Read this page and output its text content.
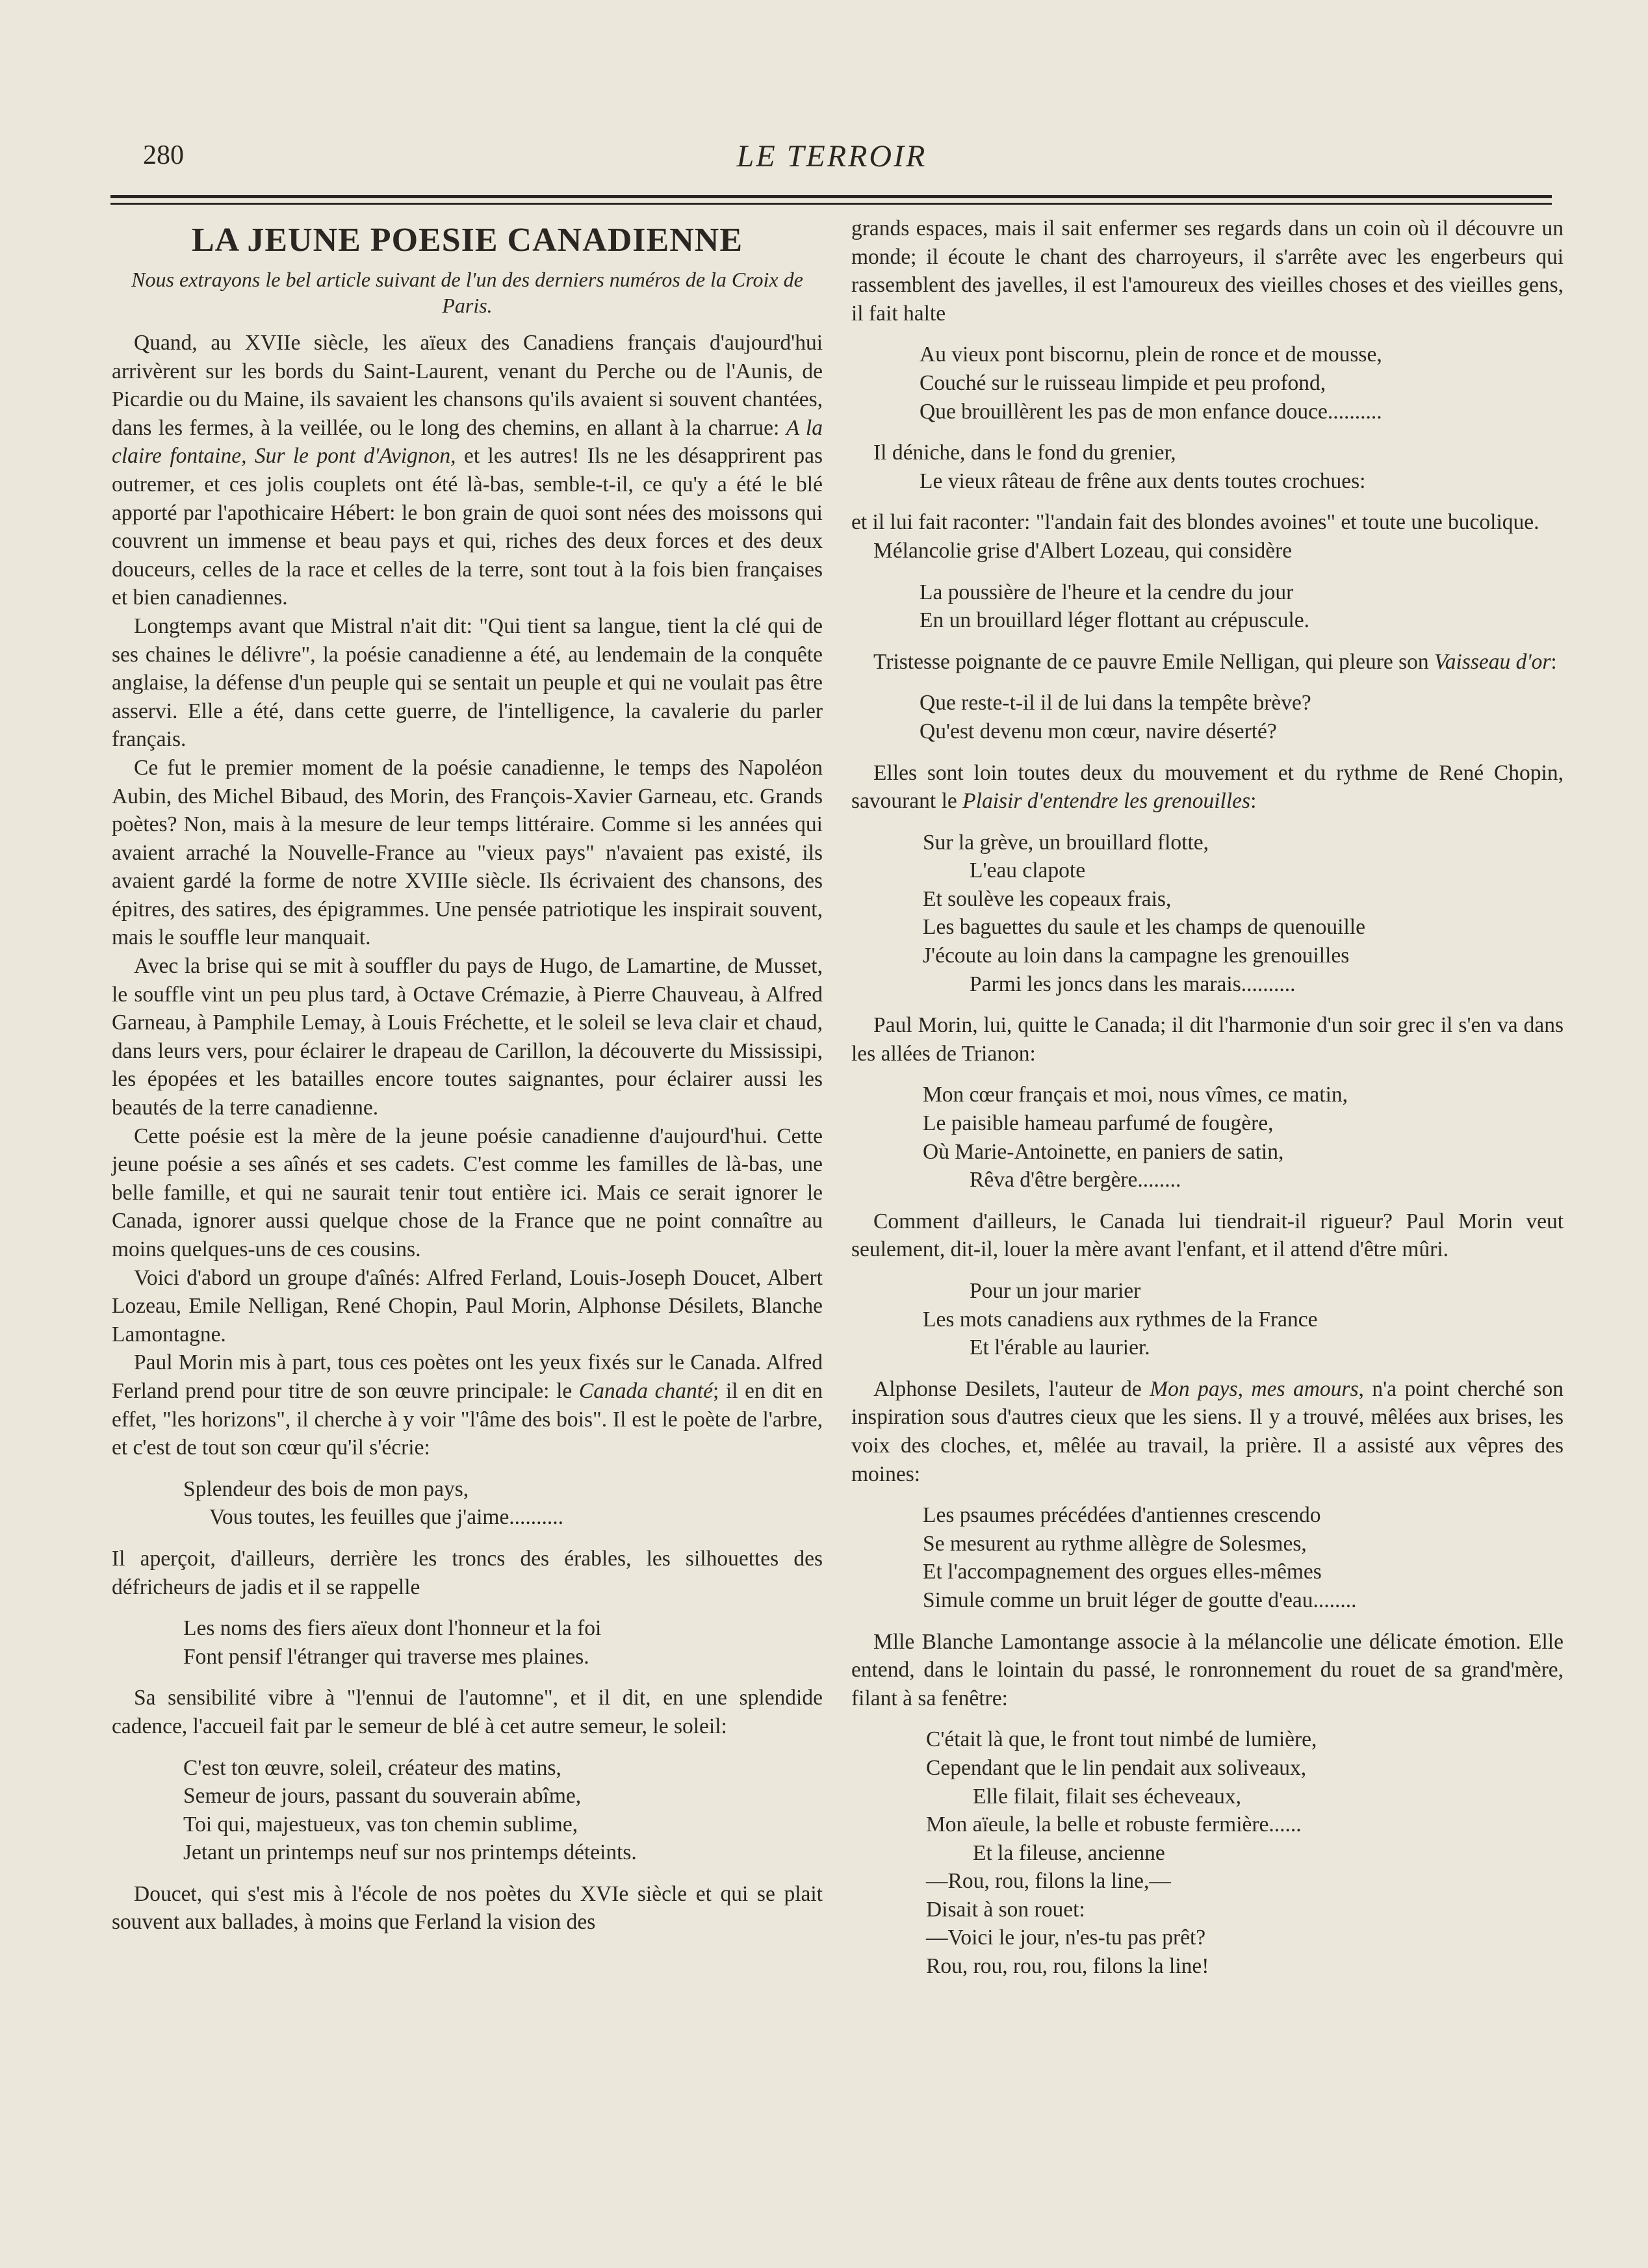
280	LE TERROIR
LA JEUNE POESIE CANADIENNE
Nous extrayons le bel article suivant de l'un des derniers numéros de la Croix de Paris.

Quand, au XVIIe siècle, les aïeux des Canadiens français d'aujourd'hui arrivèrent sur les bords du Saint-Laurent, venant du Perche ou de l'Aunis, de Picardie ou du Maine, ils savaient les chansons qu'ils avaient si souvent chantées, dans les fermes, à la veillée, ou le long des chemins, en allant à la charrue: A la claire fontaine, Sur le pont d'Avignon, et les autres! Ils ne les désapprirent pas outremer, et ces jolis couplets ont été là-bas, semble-t-il, ce qu'y a été le blé apporté par l'apothicaire Hébert: le bon grain de quoi sont nées des moissons qui couvrent un immense et beau pays et qui, riches des deux forces et des deux douceurs, celles de la race et celles de la terre, sont tout à la fois bien françaises et bien canadiennes.

Longtemps avant que Mistral n'ait dit: "Qui tient sa langue, tient la clé qui de ses chaines le délivre", la poésie canadienne a été, au lendemain de la conquête anglaise, la défense d'un peuple qui se sentait un peuple et qui ne voulait pas être asservi. Elle a été, dans cette guerre, de l'intelligence, la cavalerie du parler français.

Ce fut le premier moment de la poésie canadienne, le temps des Napoléon Aubin, des Michel Bibaud, des Morin, des François-Xavier Garneau, etc. Grands poètes? Non, mais à la mesure de leur temps littéraire. Comme si les années qui avaient arraché la Nouvelle-France au "vieux pays" n'avaient pas existé, ils avaient gardé la forme de notre XVIIIe siècle. Ils écrivaient des chansons, des épitres, des satires, des épigrammes. Une pensée patriotique les inspirait souvent, mais le souffle leur manquait.

Avec la brise qui se mit à souffler du pays de Hugo, de Lamartine, de Musset, le souffle vint un peu plus tard, à Octave Crémazie, à Pierre Chauveau, à Alfred Garneau, à Pamphile Lemay, à Louis Fréchette, et le soleil se leva clair et chaud, dans leurs vers, pour éclairer le drapeau de Carillon, la découverte du Mississipi, les épopées et les batailles encore toutes saignantes, pour éclairer aussi les beautés de la terre canadienne.

Cette poésie est la mère de la jeune poésie canadienne d'aujourd'hui. Cette jeune poésie a ses aînés et ses cadets. C'est comme les familles de là-bas, une belle famille, et qui ne saurait tenir tout entière ici. Mais ce serait ignorer le Canada, ignorer aussi quelque chose de la France que ne point connaître au moins quelques-uns de ces cousins.

Voici d'abord un groupe d'aînés: Alfred Ferland, Louis-Joseph Doucet, Albert Lozeau, Emile Nelligan, René Chopin, Paul Morin, Alphonse Désilets, Blanche Lamontagne.

Paul Morin mis à part, tous ces poètes ont les yeux fixés sur le Canada. Alfred Ferland prend pour titre de son œuvre principale: le Canada chanté; il en dit en effet, "les horizons", il cherche à y voir "l'âme des bois". Il est le poète de l'arbre, et c'est de tout son cœur qu'il s'écrie:

Splendeur des bois de mon pays,
Vous toutes, les feuilles que j'aime..........

Il aperçoit, d'ailleurs, derrière les troncs des érables, les silhouettes des défricheurs de jadis et il se rappelle

Les noms des fiers aïeux dont l'honneur et la foi
Font pensif l'étranger qui traverse mes plaines.

Sa sensibilité vibre à "l'ennui de l'automne", et il dit, en une splendide cadence, l'accueil fait par le semeur de blé à cet autre semeur, le soleil:

C'est ton œuvre, soleil, créateur des matins,
Semeur de jours, passant du souverain abîme,
Toi qui, majestueux, vas ton chemin sublime,
Jetant un printemps neuf sur nos printemps déteints.

Doucet, qui s'est mis à l'école de nos poètes du XVIe siècle et qui se plait souvent aux ballades, à moins que Ferland la vision des

grands espaces, mais il sait enfermer ses regards dans un coin où il découvre un monde; il écoute le chant des charroyeurs, il s'arrête avec les engerbeurs qui rassemblent des javelles, il est l'amoureux des vieilles choses et des vieilles gens, il fait halte

Au vieux pont biscornu, plein de ronce et de mousse,
Couché sur le ruisseau limpide et peu profond,
Que brouillèrent les pas de mon enfance douce..........

Il déniche, dans le fond du grenier,

Le vieux râteau de frêne aux dents toutes crochues:

et il lui fait raconter: "l'andain fait des blondes avoines" et toute une bucolique.

Mélancolie grise d'Albert Lozeau, qui considère

La poussière de l'heure et la cendre du jour
En un brouillard léger flottant au crépuscule.

Tristesse poignante de ce pauvre Emile Nelligan, qui pleure son Vaisseau d'or:

Que reste-t-il il de lui dans la tempête brève?
Qu'est devenu mon cœur, navire déserté?

Elles sont loin toutes deux du mouvement et du rythme de René Chopin, savourant le Plaisir d'entendre les grenouilles:

Sur la grève, un brouillard flotte,
L'eau clapote
Et soulève les copeaux frais,
Les baguettes du saule et les champs de quenouille
J'écoute au loin dans la campagne les grenouilles
Parmi les joncs dans les marais..........

Paul Morin, lui, quitte le Canada; il dit l'harmonie d'un soir grec il s'en va dans les allées de Trianon:

Mon cœur français et moi, nous vîmes, ce matin,
Le paisible hameau parfumé de fougère,
Où Marie-Antoinette, en paniers de satin,
Rêva d'être bergère........

Comment d'ailleurs, le Canada lui tiendrait-il rigueur? Paul Morin veut seulement, dit-il, louer la mère avant l'enfant, et il attend d'être mûri.

Pour un jour marier
Les mots canadiens aux rythmes de la France
Et l'érable au laurier.

Alphonse Desilets, l'auteur de Mon pays, mes amours, n'a point cherché son inspiration sous d'autres cieux que les siens. Il y a trouvé, mêlées aux brises, les voix des cloches, et, mêlée au travail, la prière. Il a assisté aux vêpres des moines:

Les psaumes précédées d'antiennes crescendo
Se mesurent au rythme allègre de Solesmes,
Et l'accompagnement des orgues elles-mêmes
Simule comme un bruit léger de goutte d'eau........

Mlle Blanche Lamontange associe à la mélancolie une délicate émotion. Elle entend, dans le lointain du passé, le ronronnement du rouet de sa grand'mère, filant à sa fenêtre:

C'était là que, le front tout nimbé de lumière,
Cependant que le lin pendait aux soliveaux,
Elle filait, filait ses écheveaux,
Mon aïeule, la belle et robuste fermière......
Et la fileuse, ancienne
—Rou, rou, filons la line,—
Disait à son rouet:
—Voici le jour, n'es-tu pas prêt?
Rou, rou, rou, rou, filons la line!
